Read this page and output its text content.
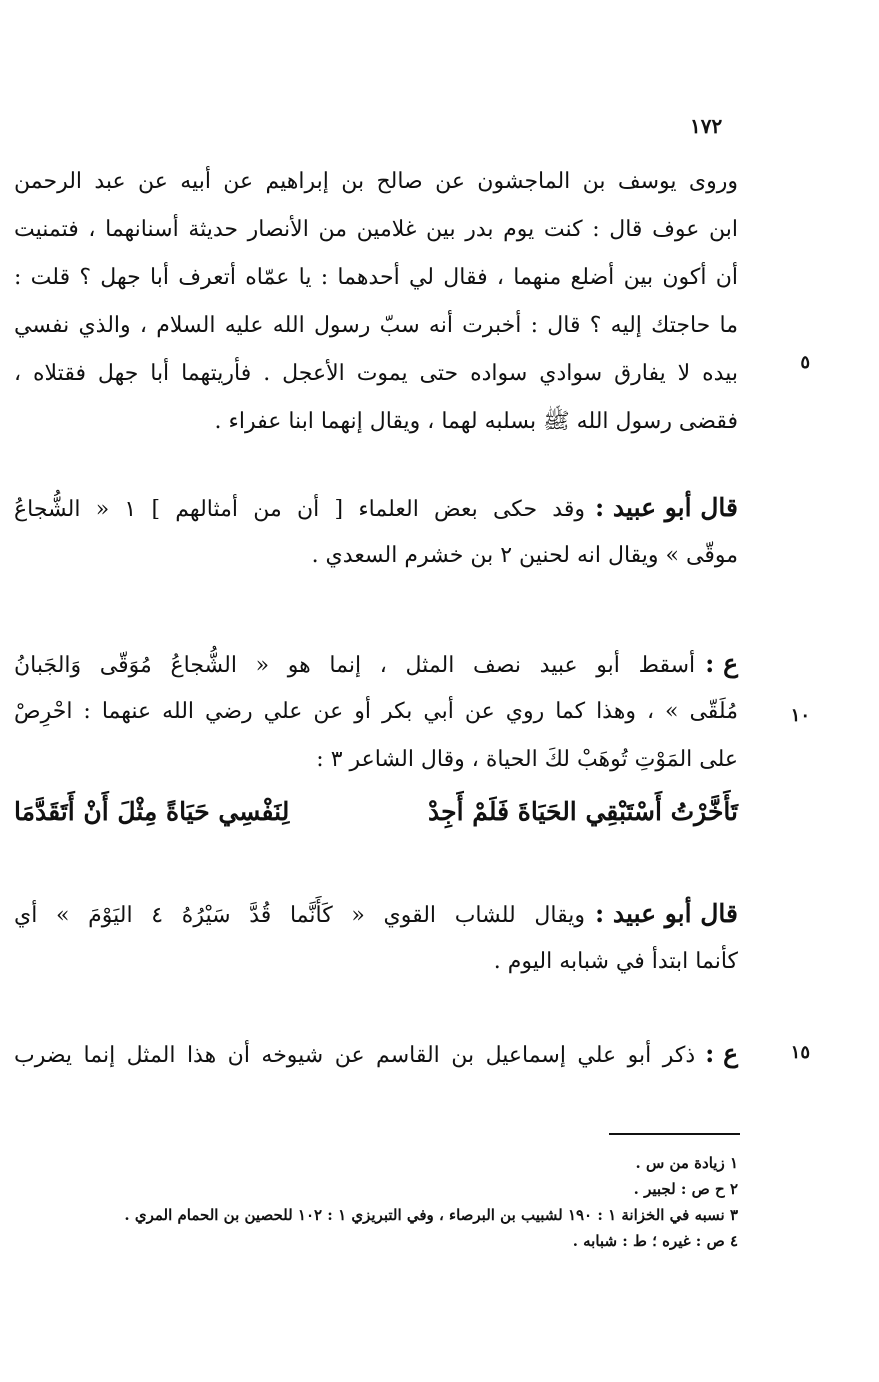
١٧٢
وروى يوسف بن الماجشون عن صالح بن إبراهيم عن أبيه عن عبد الرحمن
ابن عوف قال : كنت يوم بدر بين غلامين من الأنصار حديثة أسنانهما ، فتمنيت
أن أكون بين أضلع منهما ، فقال لي أحدهما : يا عمّاه أتعرف أبا جهل ؟ قلت :
ما حاجتك إليه ؟ قال : أخبرت أنه سبّ رسول الله عليه السلام ، والذي نفسي
بيده لا يفارق سوادي سواده حتى يموت الأعجل . فأريتهما أبا جهل فقتلاه ،
فقضى رسول الله ﷺ بسلبه لهما ، ويقال إنهما ابنا عفراء .
٥
قال أبو عبيد :وقد حكى بعض العلماء [ أن من أمثالهم ] ١ « الشُّجاعُ
موقّى » ويقال انه لحنين ٢ بن خشرم السعدي .
ع :أسقط أبو عبيد نصف المثل ، إنما هو « الشُّجاعُ مُوَقّى وَالجَبانُ
مُلَقّى » ، وهذا كما روي عن أبي بكر أو عن علي رضي الله عنهما : احْرِصْ
على المَوْتِ تُوهَبْ لكَ الحياة ، وقال الشاعر ٣ :
١٠
تَأَخَّرْتُ أَسْتَبْقِي الحَيَاةَ فَلَمْ أَجِدْ
لِنَفْسِي حَيَاةً مِثْلَ أَنْ أَتَقَدَّمَا
قال أبو عبيد :ويقال للشاب القوي « كَأَنَّما قُدَّ سَيْرُهُ ٤ اليَوْمَ » أي
كأنما ابتدأ في شبابه اليوم .
ع :ذكر أبو علي إسماعيل بن القاسم عن شيوخه أن هذا المثل إنما يضرب	١٥
١ زيادة من س .
٢ ح ص : لجبير .
٣ نسبه في الخزانة ١ : ١٩٠ لشبيب بن البرصاء ، وفي التبريزي ١ : ١٠٢ للحصين بن الحمام المري .
٤ ص : غيره ؛ ط : شبابه .
